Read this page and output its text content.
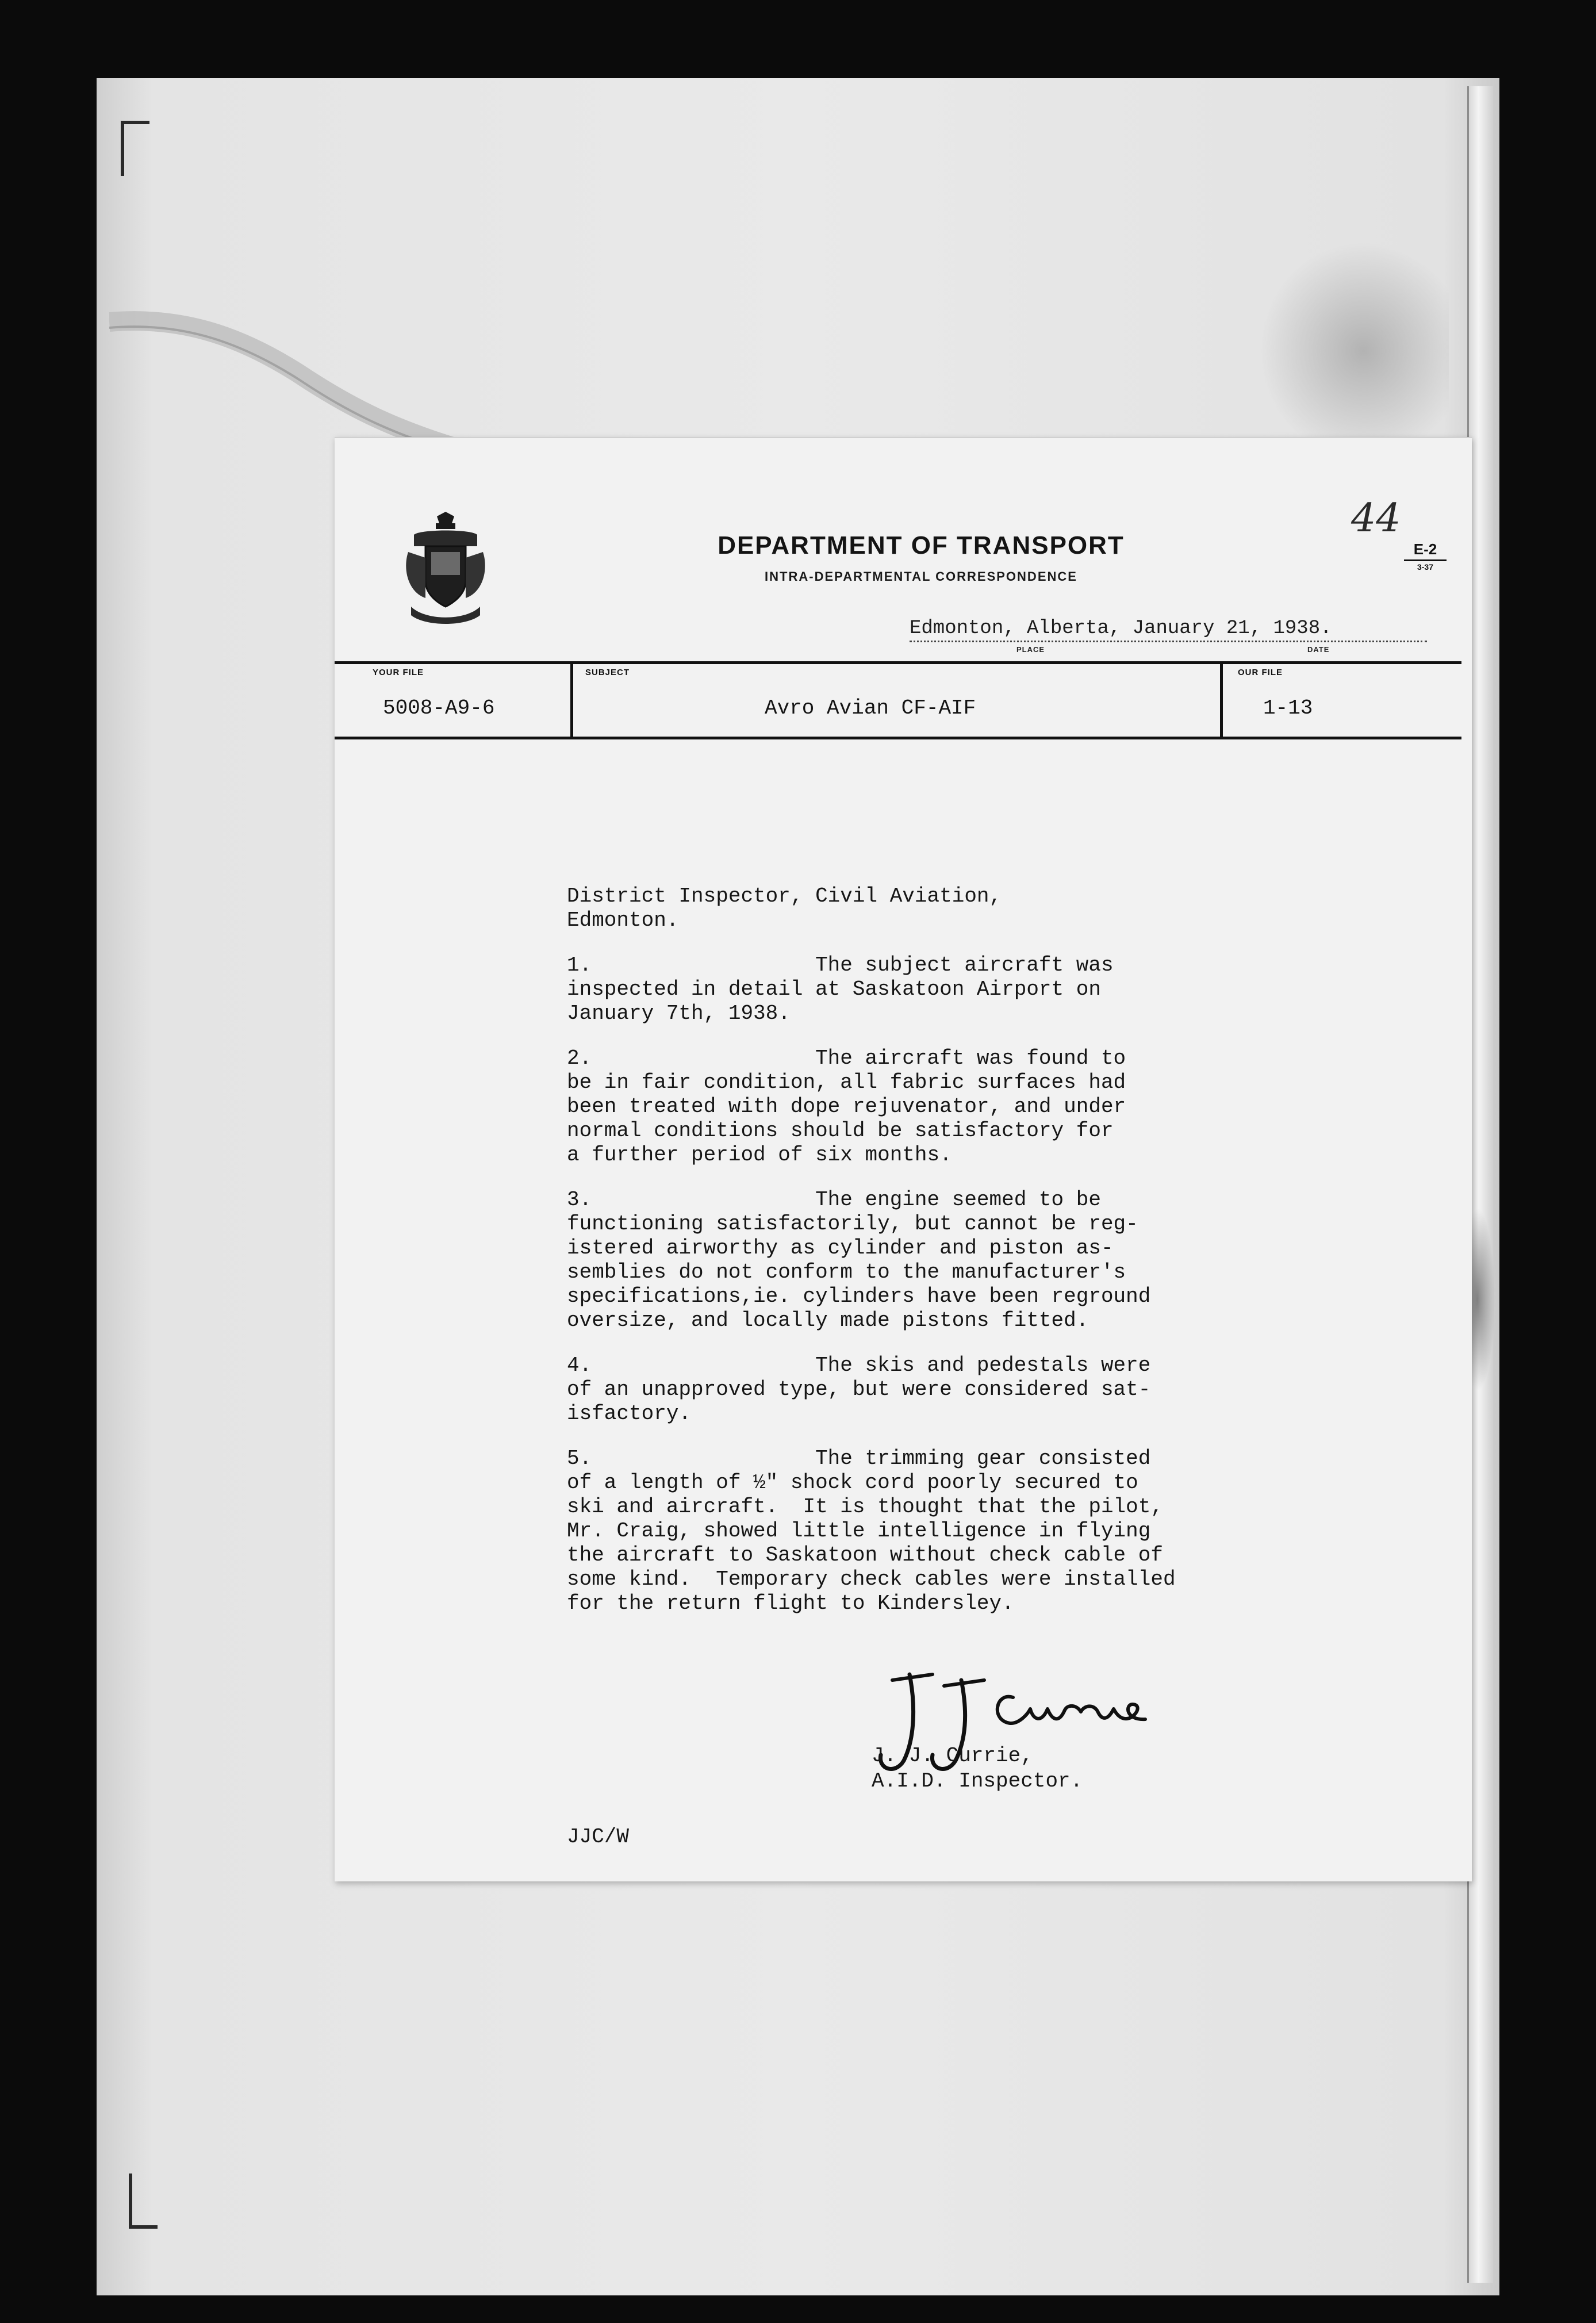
DEPARTMENT OF TRANSPORT
INTRA-DEPARTMENTAL CORRESPONDENCE
44
E-2
3-37
Edmonton, Alberta, January 21, 1938.
PLACE	DATE
YOUR FILE
5008-A9-6
SUBJECT
Avro Avian CF-AIF
OUR FILE
1-13
District Inspector, Civil Aviation,
Edmonton.
1.                  The subject aircraft was
inspected in detail at Saskatoon Airport on
January 7th, 1938.
2.                  The aircraft was found to
be in fair condition, all fabric surfaces had
been treated with dope rejuvenator, and under
normal conditions should be satisfactory for
a further period of six months.
3.                  The engine seemed to be
functioning satisfactorily, but cannot be reg-
istered airworthy as cylinder and piston as-
semblies do not conform to the manufacturer's
specifications,ie. cylinders have been reground
oversize, and locally made pistons fitted.
4.                  The skis and pedestals were
of an unapproved type, but were considered sat-
isfactory.
5.                  The trimming gear consisted
of a length of ½" shock cord poorly secured to
ski and aircraft.  It is thought that the pilot,
Mr. Craig, showed little intelligence in flying
the aircraft to Saskatoon without check cable of
some kind.  Temporary check cables were installed
for the return flight to Kindersley.
J. J. Currie,
A.I.D. Inspector.
JJC/W
